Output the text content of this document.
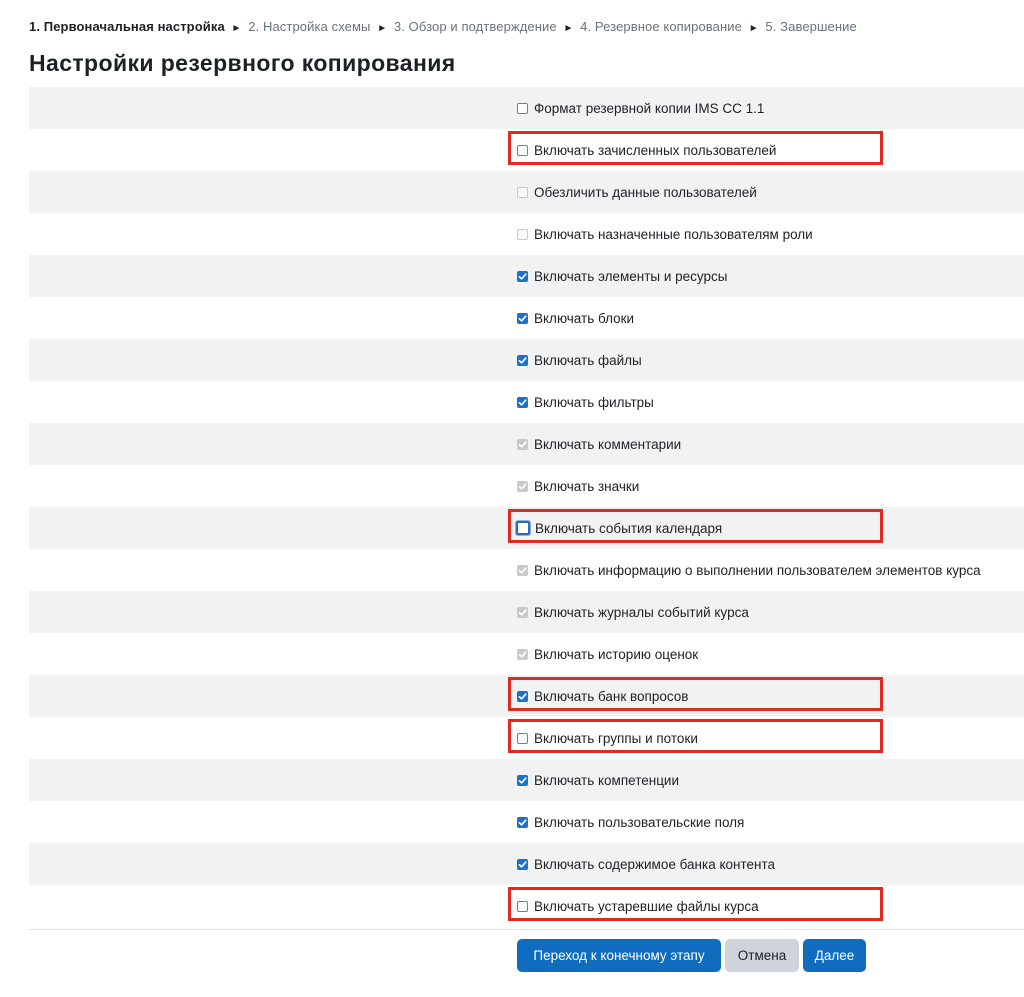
1. Первоначальная настройка ► 2. Настройка схемы ► 3. Обзор и подтверждение ► 4. Резервное копирование ► 5. Завершение
Настройки резервного копирования
Формат резервной копии IMS CC 1.1
Включать зачисленных пользователей
Обезличить данные пользователей
Включать назначенные пользователям роли
Включать элементы и ресурсы
Включать блоки
Включать файлы
Включать фильтры
Включать комментарии
Включать значки
Включать события календаря
Включать информацию о выполнении пользователем элементов курса
Включать журналы событий курса
Включать историю оценок
Включать банк вопросов
Включать группы и потоки
Включать компетенции
Включать пользовательские поля
Включать содержимое банка контента
Включать устаревшие файлы курса
Переход к конечному этапу	Отмена	Далее
